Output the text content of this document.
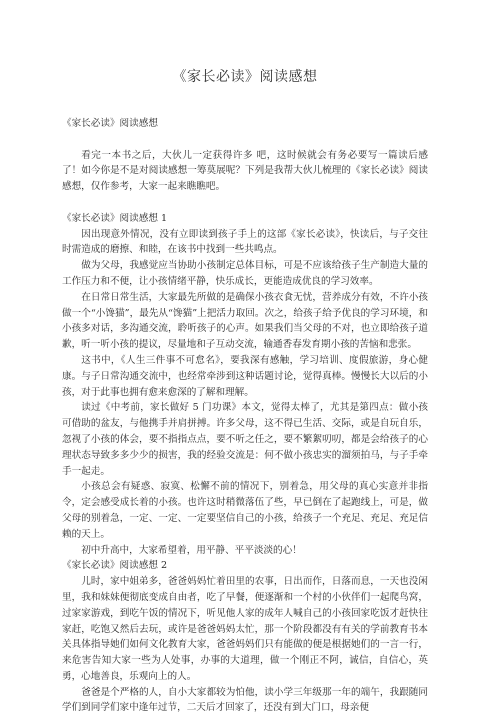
《家长必读》阅读感想

《家长必读》阅读感想

看完一本书之后，大伙儿一定获得许多 吧，这时候就会有务必要写一篇读后感了！如今你是不是对阅读感想一筹莫展呢？下列是我帮大伙儿梳理的《家长必读》阅读感想，仅作参考，大家一起来瞧瞧吧。

《家长必读》阅读感想 1

因出现意外情况，没有立即读到孩子手上的这部《家长必读》，快读后，与子交往时需造成的磨擦、和睦，在该书中找到一些共鸣点。

做为父母，我感觉应当协助小孩制定总体目标，可是不应该给孩子生产制造大量的工作压力和不便，让小孩情绪平静，快乐成长，更能造成优良的学习效率。

在日常日常生活，大家最先所做的是确保小孩衣食无忧，营养成分有效，不许小孩做一个“小馋猫”，最先从“馋猫”上把活力取回。次之，给孩子给予优良的学习环境，和小孩多对话，多沟通交流，聆听孩子的心声。如果我们当父母的不对，也立即给孩子道歉，听一听小孩的提议，尽量地和子互动交流，输通香春发育期小孩的苦恼和悲张。

这书中，《人生三件事不可怠名》，要我深有感触，学习培训、度假旅游，身心健康。与子日常沟通交流中，也经常牵涉到这种话题讨论，觉得真棒。慢慢长大以后的小孩，对于此事也拥有愈来愈深的了解和理解。

读过《中考前，家长做好 5 门功课》本文，觉得太棒了，尤其是第四点：做小孩可借助的盆友，与他携手并肩拼搏。许多父母，这不得已生活、交际，或是自玩自乐，忽视了小孩的体会，要不指指点点，要不听之任之，要不繁絮叨叨，都是会给孩子的心理状态导致多多少少的损害，我的经验交流是：何不做小孩忠实的溜须拍马，与子手牵手一起走。

小孩总会有疑惑、寂寞、松懈不前的情况下，别着急，用父母的真心实意并非指令，定会感受成长着的小孩。也许这时稍微落伍了些，早已倒在了起跑线上，可是，做父母的别着急，一定、一定、一定要坚信自己的小孩，给孩子一个充足、充足、充足信赖的天上。

初中升高中，大家希望着，用平静、平平淡淡的心！

《家长必读》阅读感想 2

儿时，家中姐弟多，爸爸妈妈忙着田里的农事，日出而作，日落而息，一天也没闲里，我和妹妹便彻底变成自由者，吃了早餐，便逐渐和一个村的小伙伴们一起爬鸟窝，过家家游戏，到吃午饭的情况下，听见他人家的成年人喊自己的小孩回家吃饭才赶快往家赶，吃饱又然后去玩，或许是爸爸妈妈太忙，那一个阶段都没有有关的学前教育书本关具体指导她们如何文化教育大家，爸爸妈妈们只有能做的便是根据她们的一言一行，来危害告知大家一些为人处事，办事的大道理，做一个刚正不阿，诚信，自信心，英勇，心地善良，乐观向上的人。

爸爸是个严格的人，自小大家都较为怕他，读小学三年级那一年的端午，我跟随同学们到同学们家中逢年过节，二天后才回家了，还没有到大门口，母亲便
